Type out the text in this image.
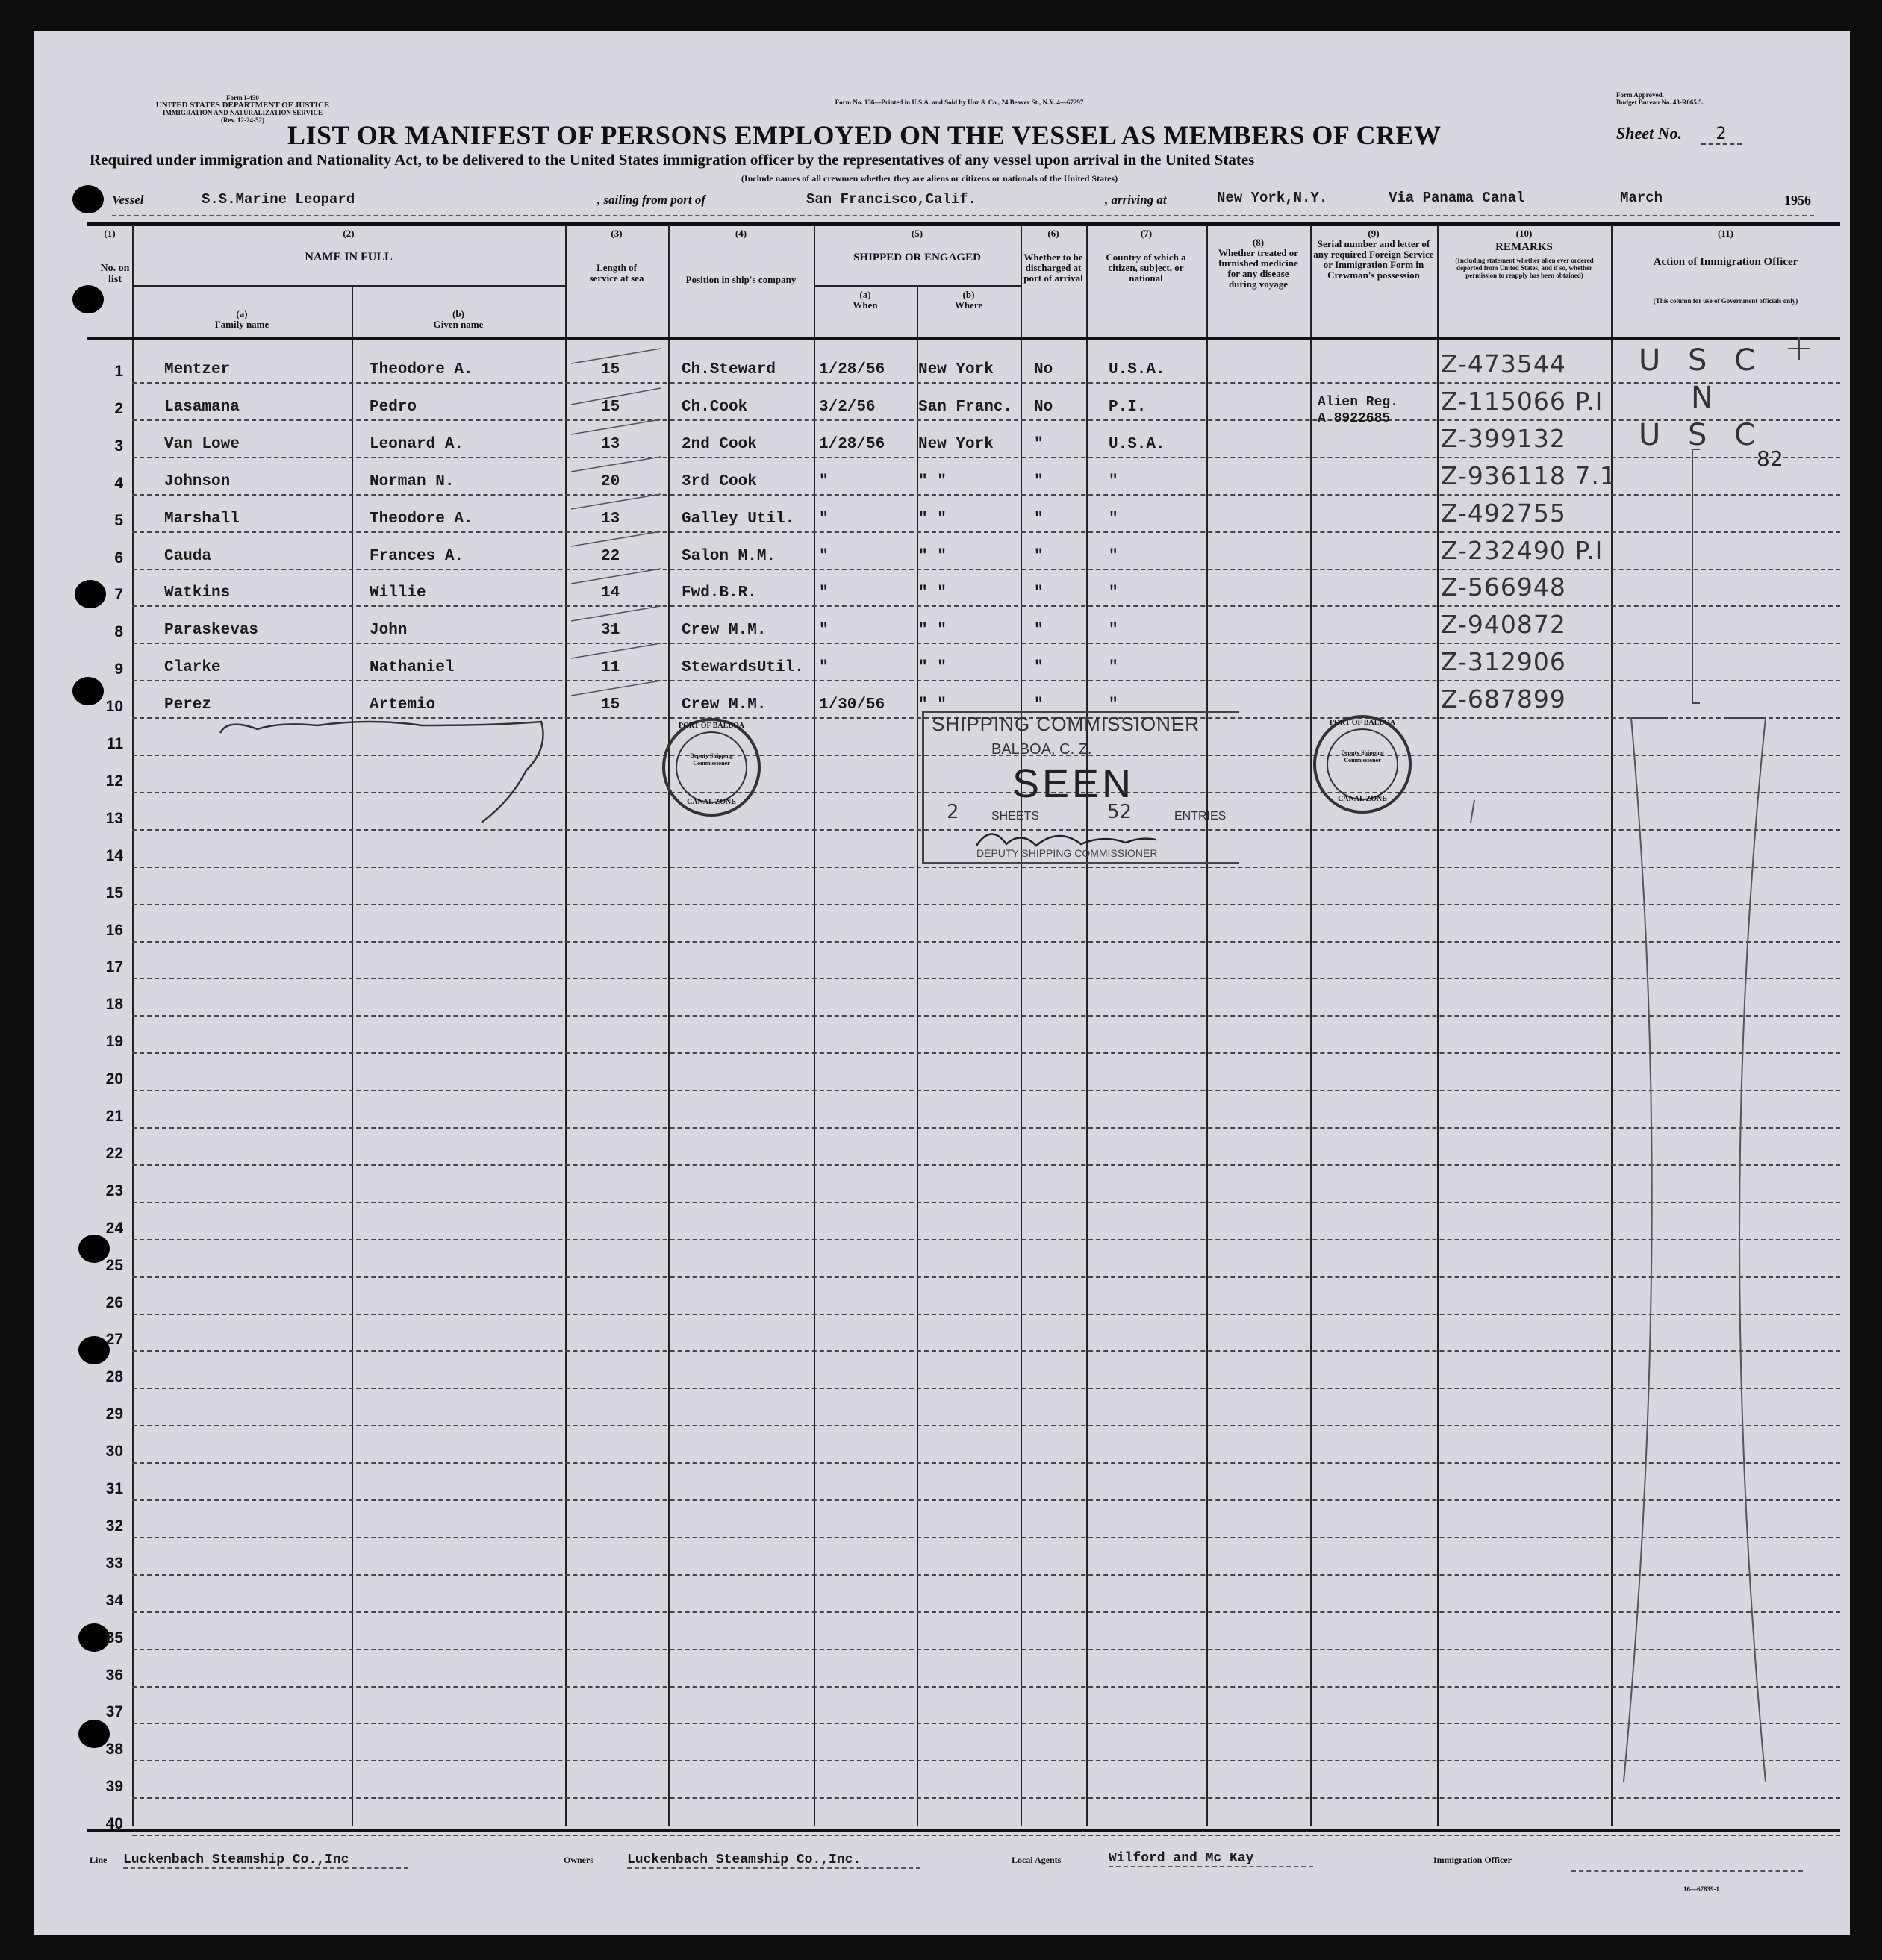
Form I-450
UNITED STATES DEPARTMENT OF JUSTICE
IMMIGRATION AND NATURALIZATION SERVICE
(Rev. 12-24-52)
Form No. 136—Printed in U.S.A. and Sold by Unz & Co., 24 Beaver St., N.Y. 4—67297
Form Approved.
Budget Bureau No. 43-R065.5.
LIST OR MANIFEST OF PERSONS EMPLOYED ON THE VESSEL AS MEMBERS OF CREW	Sheet No. 2
Required under immigration and Nationality Act, to be delivered to the United States immigration officer by the representatives of any vessel upon arrival in the United States
(Include names of all crewmen whether they are aliens or citizens or nationals of the United States)
Vessel	S.S.Marine Leopard	, sailing from port of	San Francisco,Calif.	, arriving at	New York,N.Y.	Via Panama Canal	March	1956
(1)
No. on list
(2)
NAME IN FULL
(a)
Family name
(b)
Given name
(3)
Length of service at sea
(4)
Position in ship's company
(5)
SHIPPED OR ENGAGED
(a)
When
(b)
Where
(6)
Whether to be discharged at port of arrival
(7)
Country of which a citizen, subject, or national
(8)
Whether treated or furnished medicine for any disease during voyage
(9)
Serial number and letter of any required Foreign Service or Immigration Form in Crewman's possession
(10)
REMARKS
(Including statement whether alien ever ordered deported from United States, and if so, whether permission to reapply has been obtained)
(11)
Action of Immigration Officer
(This column for use of Government officials only)
1	Mentzer	Theodore A.	15	Ch.Steward	1/28/56 New York	No	U.S.A.	Z-473544 U S C
2	Lasamana	Pedro	15	Ch.Cook	3/2/56	San Franc. No	P.I.	Alien Reg.
A 8922685
Z-115066 P.I	N
3	Van Lowe	Leonard A.	13	2nd Cook	1/28/56 New York	"	U.S.A.	Z-399132 U S C
4	Johnson	Norman N.	20	3rd Cook	"	" "	"	"	Z-936118 7.1
5	Marshall	Theodore A.	13	Galley Util. "	" "	"	"	Z-492755
6	Cauda	Frances A.	22	Salon M.M.	"	" "	"	"	Z-232490 P.I
7	Watkins	Willie	14	Fwd.B.R.	"	" "	"	"	Z-566948
8	Paraskevas	John	31	Crew M.M.	"	" "	"	"	Z-940872
9	Clarke	Nathaniel	11	StewardsUtil. "	" "	"	"	Z-312906
10	Perez	Artemio	15	Crew M.M.	1/30/56 " "	"	"	Z-687899
11
12
13
14
15
16
17
18
19
20
21
22
23
24
25
26
27
28
29
30
31
32
33
34
35
36
37
38
39
40
82
PORT OF BALBOA
Deputy Shipping Commissioner
CANAL ZONE
PORT OF BALBOA
Deputy Shipping Commissioner
CANAL ZONE
SHIPPING COMMISSIONER
BALBOA, C. Z.
SEEN
2	SHEETS	52	ENTRIES
DEPUTY SHIPPING COMMISSIONER
Line Luckenbach Steamship Co.,Inc	Owners	Luckenbach Steamship Co.,Inc.	Local Agents	Wilford and Mc Kay	Immigration Officer
16—67839-1
